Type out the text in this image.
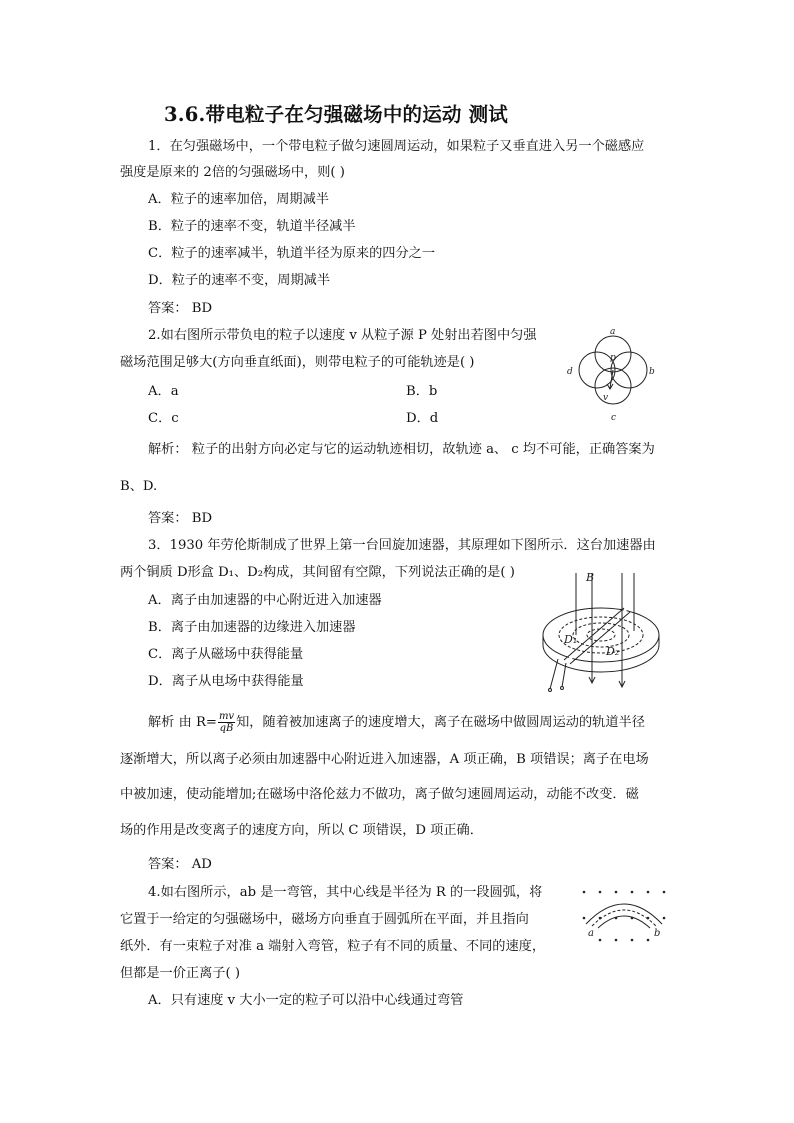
3.6.带电粒子在匀强磁场中的运动 测试
1．在匀强磁场中，一个带电粒子做匀速圆周运动，如果粒子又垂直进入另一个磁感应
强度是原来的 2倍的匀强磁场中，则( )
A．粒子的速率加倍，周期减半
B．粒子的速率不变，轨道半径减半
C．粒子的速率减半，轨道半径为原来的四分之一
D．粒子的速率不变，周期减半
答案： BD
2.如右图所示带负电的粒子以速度 v 从粒子源 P 处射出若图中匀强
磁场范围足够大(方向垂直纸面)，则带电粒子的可能轨迹是( )
A．a	B．b
C．c	D．d
解析： 粒子的出射方向必定与它的运动轨迹相切，故轨迹 a、 c 均不可能，正确答案为
B、D.
答案： BD
a
b
c
d
p
v
3．1930 年劳伦斯制成了世界上第一台回旋加速器，其原理如下图所示．这台加速器由
两个铜质 D形盒 D₁、D₂构成，其间留有空隙，下列说法正确的是( )
A．离子由加速器的中心附近进入加速器
B．离子由加速器的边缘进入加速器
C．离子从磁场中获得能量
D．离子从电场中获得能量
解析 由 $R= \frac{mv}{qB}$ 知，随着被加速离子的速度增大，离子在磁场中做圆周运动的轨道半径
逐渐增大，所以离子必须由加速器中心附近进入加速器，A 项正确，B 项错误；离子在电场
中被加速，使动能增加;在磁场中洛伦兹力不做功，离子做匀速圆周运动，动能不改变．磁
场的作用是改变离子的速度方向，所以 C 项错误，D 项正确．
答案： AD
B
D₁
D₂
4.如右图所示，ab 是一弯管，其中心线是半径为 R 的一段圆弧，将
它置于一给定的匀强磁场中，磁场方向垂直于圆弧所在平面，并且指向
纸外．有一束粒子对准 a 端射入弯管，粒子有不同的质量、不同的速度，
但都是一价正离子( )
A．只有速度 v 大小一定的粒子可以沿中心线通过弯管
a	b
